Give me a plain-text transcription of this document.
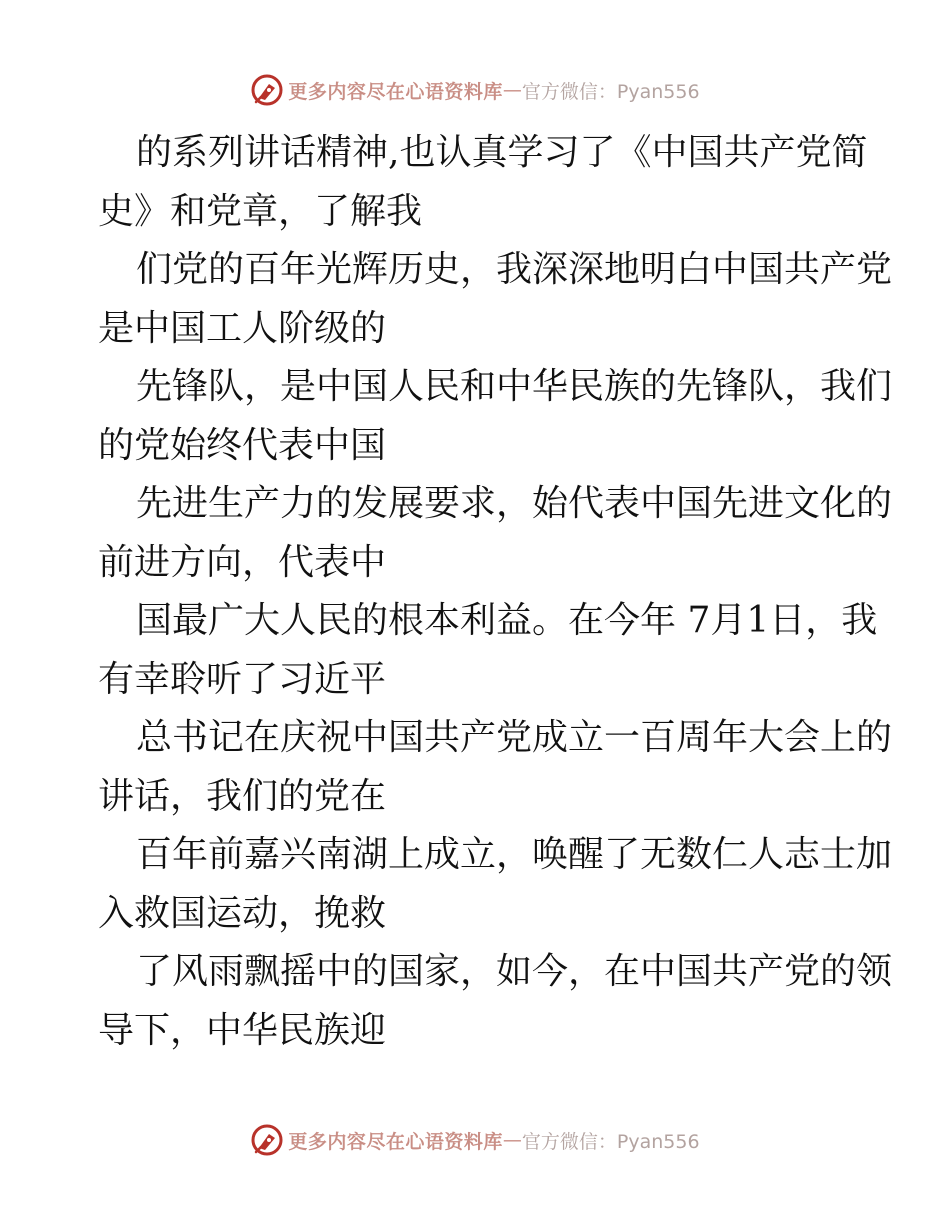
更多内容尽在心语资料库 — 官方微信：Pyan556
的系列讲话精神,也认真学习了《中国共产党简
史》和党章，了解我
们党的百年光辉历史，我深深地明白中国共产党
是中国工人阶级的
先锋队，是中国人民和中华民族的先锋队，我们
的党始终代表中国
先进生产力的发展要求，始代表中国先进文化的
前进方向，代表中
国最广大人民的根本利益。在今年 7月1日，我
有幸聆听了习近平
总书记在庆祝中国共产党成立一百周年大会上的
讲话，我们的党在
百年前嘉兴南湖上成立，唤醒了无数仁人志士加
入救国运动，挽救
了风雨飘摇中的国家，如今，在中国共产党的领
导下，中华民族迎
更多内容尽在心语资料库 — 官方微信：Pyan556
